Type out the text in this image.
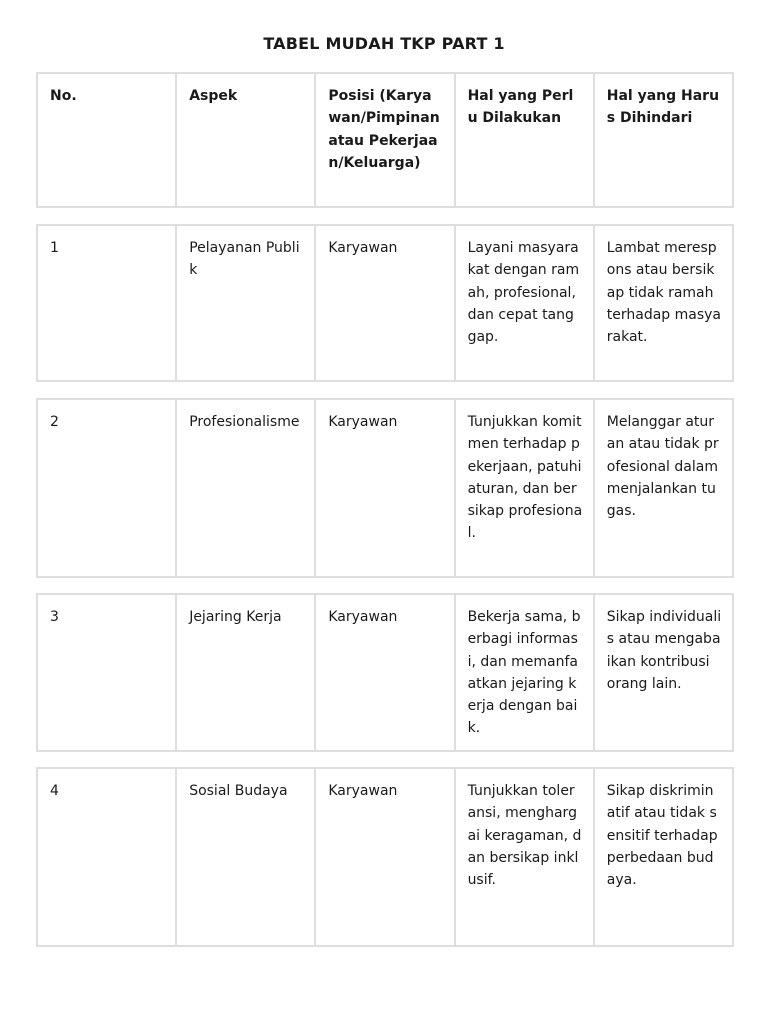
TABEL MUDAH TKP PART 1
No.	Aspek	Posisi (Karyawan/Pimpinan atau Pekerjaan/Keluarga)	Hal yang Perlu Dilakukan	Hal yang Harus Dihindari
1	Pelayanan Publik	Karyawan	Layani masyarakat dengan ramah, profesional, dan cepat tanggap.	Lambat merespons atau bersikap tidak ramah terhadap masyarakat.
2	Profesionalisme	Karyawan	Tunjukkan komitmen terhadap pekerjaan, patuhi aturan, dan bersikap profesional.	Melanggar aturan atau tidak profesional dalam menjalankan tugas.
3	Jejaring Kerja	Karyawan	Bekerja sama, berbagi informasi, dan memanfaatkan jejaring kerja dengan baik.	Sikap individualis atau mengabaikan kontribusi orang lain.
4	Sosial Budaya	Karyawan	Tunjukkan toleransi, menghargai keragaman, dan bersikap inklusif.	Sikap diskriminatif atau tidak sensitif terhadap perbedaan budaya.
